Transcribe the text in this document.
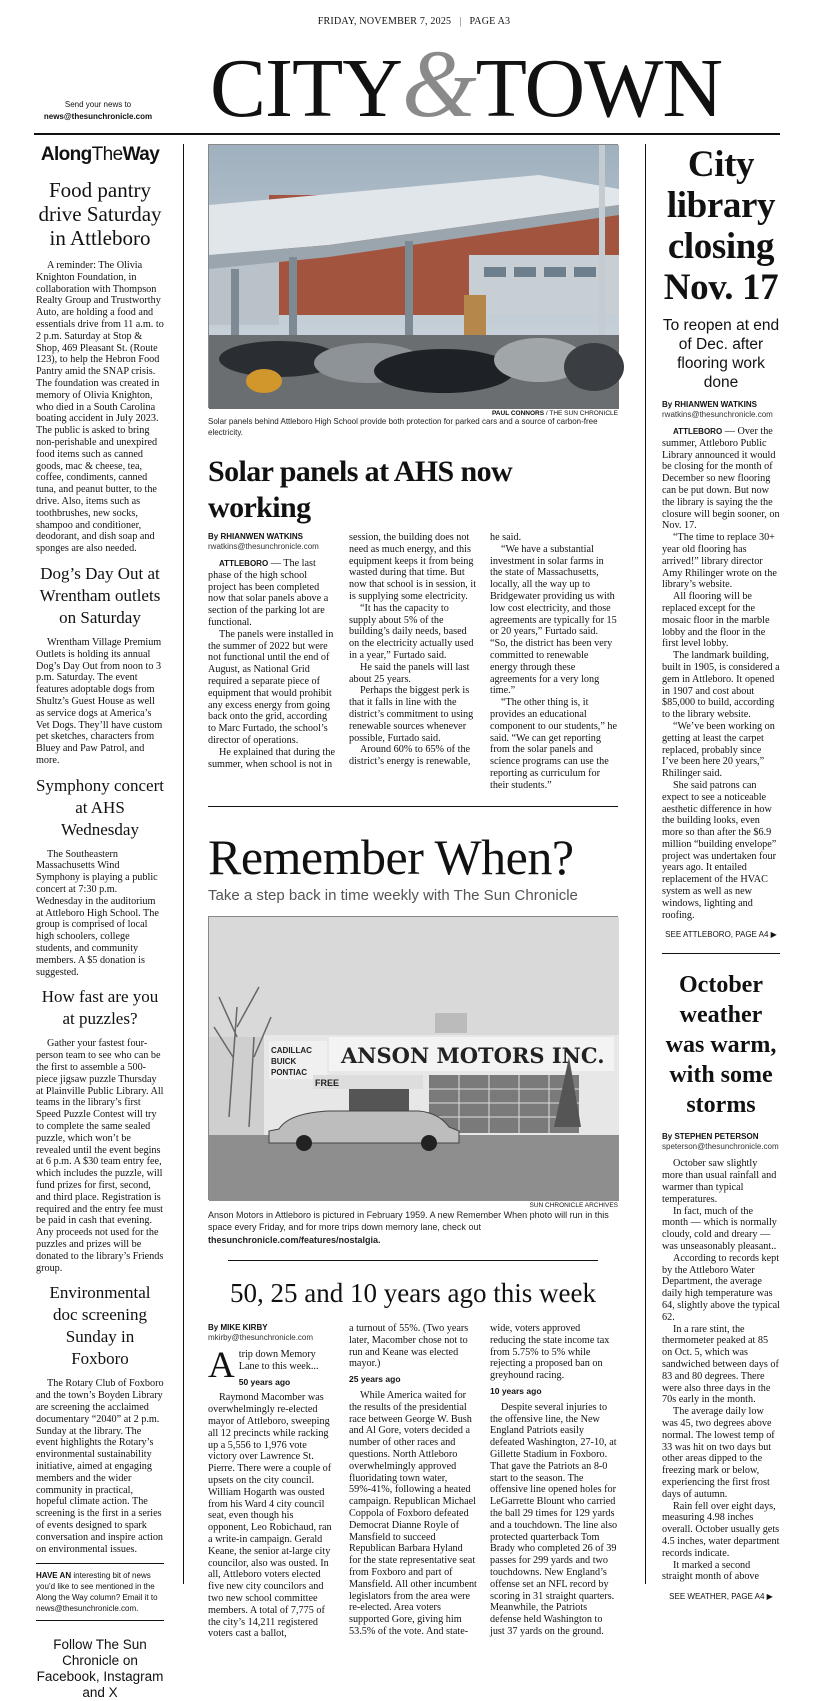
FRIDAY, NOVEMBER 7, 2025 | PAGE A3
CITY&TOWN
Send your news to
news@thesunchronicle.com
AlongTheWay
Food pantry drive Saturday in Attleboro

A reminder: The Olivia Knighton Foundation, in collaboration with Thompson Realty Group and Trustworthy Auto, are holding a food and essentials drive from 11 a.m. to 2 p.m. Saturday at Stop & Shop, 469 Pleasant St. (Route 123), to help the Hebron Food Pantry amid the SNAP crisis. The foundation was created in memory of Olivia Knighton, who died in a South Carolina boating accident in July 2023. The public is asked to bring non-perishable and unexpired food items such as canned goods, mac & cheese, tea, coffee, condiments, canned tuna, and peanut butter, to the drive. Also, items such as toothbrushes, new socks, shampoo and conditioner, deodorant, and dish soap and sponges are also needed.

Dog’s Day Out at Wrentham outlets on Saturday

Wrentham Village Premium Outlets is holding its annual Dog’s Day Out from noon to 3 p.m. Saturday. The event features adoptable dogs from Shultz’s Guest House as well as service dogs at America’s Vet Dogs. They’ll have custom pet sketches, characters from Bluey and Paw Patrol, and more.

Symphony concert at AHS Wednesday

The Southeastern Massachusetts Wind Symphony is playing a public concert at 7:30 p.m. Wednesday in the auditorium at Attleboro High School. The group is comprised of local high schoolers, college students, and community members. A $5 donation is suggested.

How fast are you at puzzles?

Gather your fastest four-person team to see who can be the first to assemble a 500-piece jigsaw puzzle Thursday at Plainville Public Library. All teams in the library’s first Speed Puzzle Contest will try to complete the same sealed puzzle, which won’t be revealed until the event begins at 6 p.m. A $30 team entry fee, which includes the puzzle, will fund prizes for first, second, and third place. Registration is required and the entry fee must be paid in cash that evening. Any proceeds not used for the puzzles and prizes will be donated to the library’s Friends group.

Environmental doc screening Sunday in Foxboro

The Rotary Club of Foxboro and the town’s Boyden Library are screening the acclaimed documentary “2040” at 2 p.m. Sunday at the library. The event highlights the Rotary’s environmental sustainability initiative, aimed at engaging members and the wider community in practical, hopeful climate action. The screening is the first in a series of events designed to spark conversation and inspire action on environmental issues.

HAVE AN interesting bit of news you’d like to see mentioned in the Along the Way column? Email it to news@thesunchronicle.com.
Follow The Sun Chronicle on Facebook, Instagram and X
PAUL CONNORS / THE SUN CHRONICLE
Solar panels behind Attleboro High School provide both protection for parked cars and a source of carbon-free electricity.
Solar panels at AHS now working
By RHIANWEN WATKINS
rwatkins@thesunchronicle.com

ATTLEBORO — The last phase of the high school project has been completed now that solar panels above a section of the parking lot are functional.

The panels were installed in the summer of 2022 but were not functional until the end of August, as National Grid required a separate piece of equipment that would prohibit any excess energy from going back onto the grid, according to Marc Furtado, the school’s director of operations.

He explained that during the summer, when school is not in

session, the building does not need as much energy, and this equipment keeps it from being wasted during that time. But now that school is in session, it is supplying some electricity.

“It has the capacity to supply about 5% of the building’s daily needs, based on the electricity actually used in a year,” Furtado said.

He said the panels will last about 25 years.

Perhaps the biggest perk is that it falls in line with the district’s commitment to using renewable sources whenever possible, Furtado said.

Around 60% to 65% of the district’s energy is renewable,

he said.

“We have a substantial investment in solar farms in the state of Massachusetts, locally, all the way up to Bridgewater providing us with low cost electricity, and those agreements are typically for 15 or 20 years,” Furtado said. “So, the district has been very committed to renewable energy through these agreements for a very long time.”

“The other thing is, it provides an educational component to our students,” he said. “We can get reporting from the solar panels and science programs can use the reporting as curriculum for their students.”

Remember When?
Take a step back in time weekly with The Sun Chronicle
ANSON MOTORS INC.
CADILLAC
BUICK
PONTIAC
FREE
SUN CHRONICLE ARCHIVES
Anson Motors in Attleboro is pictured in February 1959. A new Remember When photo will run in this space every Friday, and for more trips down memory lane, check out thesunchronicle.com/features/nostalgia.
50, 25 and 10 years ago this week
By MIKE KIRBY
mkirby@thesunchronicle.com
Atrip down Memory Lane to this week...
50 years ago

Raymond Macomber was overwhelmingly re-elected mayor of Attleboro, sweeping all 12 precincts while racking up a 5,556 to 1,976 vote victory over Lawrence St. Pierre. There were a couple of upsets on the city council. William Hogarth was ousted from his Ward 4 city council seat, even though his opponent, Leo Robichaud, ran a write-in campaign. Gerald Keane, the senior at-large city councilor, also was ousted. In all, Attleboro voters elected five new city councilors and two new school committee members. A total of 7,775 of the city’s 14,211 registered voters cast a ballot,

a turnout of 55%. (Two years later, Macomber chose not to run and Keane was elected mayor.)

25 years ago

While America waited for the results of the presidential race between George W. Bush and Al Gore, voters decided a number of other races and questions. North Attleboro overwhelmingly approved fluoridating town water, 59%-41%, following a heated campaign. Republican Michael Coppola of Foxboro defeated Democrat Dianne Royle of Mansfield to succeed Republican Barbara Hyland for the state representative seat from Foxboro and part of Mansfield. All other incumbent legislators from the area were re-elected. Area voters supported Gore, giving him 53.5% of the vote. And state-

wide, voters approved reducing the state income tax from 5.75% to 5% while rejecting a proposed ban on greyhound racing.

10 years ago

Despite several injuries to the offensive line, the New England Patriots easily defeated Washington, 27-10, at Gillette Stadium in Foxboro. That gave the Patriots an 8-0 start to the season. The offensive line opened holes for LeGarrette Blount who carried the ball 29 times for 129 yards and a touchdown. The line also protected quarterback Tom Brady who completed 26 of 39 passes for 299 yards and two touchdowns. New England’s offense set an NFL record by scoring in 31 straight quarters. Meanwhile, the Patriots defense held Washington to just 37 yards on the ground.

City library closing Nov. 17
To reopen at end of Dec. after flooring work done
By RHIANWEN WATKINS
rwatkins@thesunchronicle.com

ATTLEBORO — Over the summer, Attleboro Public Library announced it would be closing for the month of December so new flooring can be put down. But now the library is saying the the closure will begin sooner, on Nov. 17.

“The time to replace 30+ year old flooring has arrived!” library director Amy Rhilinger wrote on the library’s website.

All flooring will be replaced except for the mosaic floor in the marble lobby and the floor in the first level lobby.

The landmark building, built in 1905, is considered a gem in Attleboro. It opened in 1907 and cost about $85,000 to build, according to the library website.

“We’ve been working on getting at least the carpet replaced, probably since I’ve been here 20 years,” Rhilinger said.

She said patrons can expect to see a noticeable aesthetic difference in how the building looks, even more so than after the $6.9 million “building envelope” project was undertaken four years ago. It entailed replacement of the HVAC system as well as new windows, lighting and roofing.

SEE ATTLEBORO, PAGE A4 ▶
October weather was warm, with some storms
By STEPHEN PETERSON
speterson@thesunchronicle.com

October saw slightly more than usual rainfall and warmer than typical temperatures.

In fact, much of the month — which is normally cloudy, cold and dreary — was unseasonably pleasant..

According to records kept by the Attleboro Water Department, the average daily high temperature was 64, slightly above the typical 62.

In a rare stint, the thermometer peaked at 85 on Oct. 5, which was sandwiched between days of 83 and 80 degrees. There were also three days in the 70s early in the month.

The average daily low was 45, two degrees above normal. The lowest temp of 33 was hit on two days but other areas dipped to the freezing mark or below, experiencing the first frost days of autumn.

Rain fell over eight days, measuring 4.98 inches overall. October usually gets 4.5 inches, water department records indicate.

It marked a second straight month of above

SEE WEATHER, PAGE A4 ▶
